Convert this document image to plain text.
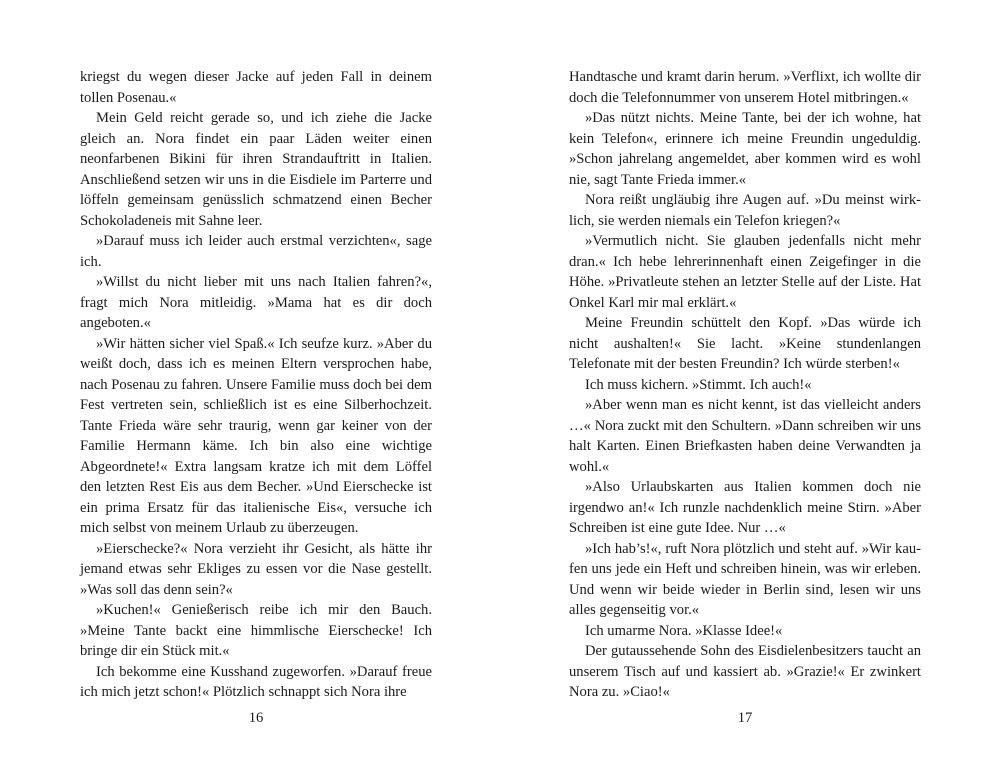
kriegst du wegen dieser Jacke auf jeden Fall in deinem tollen Posenau.«

Mein Geld reicht gerade so, und ich ziehe die Jacke gleich an. Nora findet ein paar Läden weiter einen neonfarbenen Bikini für ihren Strandauftritt in Italien. Anschließend setzen wir uns in die Eisdiele im Parterre und löffeln gemeinsam genüsslich schmatzend einen Becher Schokoladeneis mit Sahne leer.

»Darauf muss ich leider auch erstmal verzichten«, sage ich.

»Willst du nicht lieber mit uns nach Italien fahren?«, fragt mich Nora mitleidig. »Mama hat es dir doch angeboten.«

»Wir hätten sicher viel Spaß.« Ich seufze kurz. »Aber du weißt doch, dass ich es meinen Eltern versprochen habe, nach Posenau zu fahren. Unsere Familie muss doch bei dem Fest vertreten sein, schließlich ist es eine Silberhochzeit. Tante Frieda wäre sehr traurig, wenn gar keiner von der Familie Hermann käme. Ich bin also eine wichtige Abgeordnete!« Extra langsam kratze ich mit dem Löffel den letzten Rest Eis aus dem Becher. »Und Eierschecke ist ein prima Ersatz für das italienische Eis«, versuche ich mich selbst von meinem Urlaub zu überzeugen.

»Eierschecke?« Nora verzieht ihr Gesicht, als hätte ihr jemand etwas sehr Ekliges zu essen vor die Nase gestellt. »Was soll das denn sein?«

»Kuchen!« Genießerisch reibe ich mir den Bauch. »Meine Tante backt eine himmlische Eierschecke! Ich bringe dir ein Stück mit.«

Ich bekomme eine Kusshand zugeworfen. »Darauf freue ich mich jetzt schon!« Plötzlich schnappt sich Nora ihre

16

Handtasche und kramt darin herum. »Verflixt, ich wollte dir doch die Telefonnummer von unserem Hotel mitbringen.«

»Das nützt nichts. Meine Tante, bei der ich wohne, hat kein Telefon«, erinnere ich meine Freundin ungeduldig. »Schon jahrelang angemeldet, aber kommen wird es wohl nie, sagt Tante Frieda immer.«

Nora reißt ungläubig ihre Augen auf. »Du meinst wirklich, sie werden niemals ein Telefon kriegen?«

»Vermutlich nicht. Sie glauben jedenfalls nicht mehr dran.« Ich hebe lehrerinnenhaft einen Zeigefinger in die Höhe. »Privatleute stehen an letzter Stelle auf der Liste. Hat Onkel Karl mir mal erklärt.«

Meine Freundin schüttelt den Kopf. »Das würde ich nicht aushalten!« Sie lacht. »Keine stundenlangen Telefonate mit der besten Freundin? Ich würde sterben!«

Ich muss kichern. »Stimmt. Ich auch!«

»Aber wenn man es nicht kennt, ist das vielleicht anders …« Nora zuckt mit den Schultern. »Dann schreiben wir uns halt Karten. Einen Briefkasten haben deine Verwandten ja wohl.«

»Also Urlaubskarten aus Italien kommen doch nie irgendwo an!« Ich runzle nachdenklich meine Stirn. »Aber Schreiben ist eine gute Idee. Nur …«

»Ich hab’s!«, ruft Nora plötzlich und steht auf. »Wir kaufen uns jede ein Heft und schreiben hinein, was wir erleben. Und wenn wir beide wieder in Berlin sind, lesen wir uns alles gegenseitig vor.«

Ich umarme Nora. »Klasse Idee!«

Der gutaussehende Sohn des Eisdielenbesitzers taucht an unserem Tisch auf und kassiert ab. »Grazie!« Er zwinkert Nora zu. »Ciao!«

17
